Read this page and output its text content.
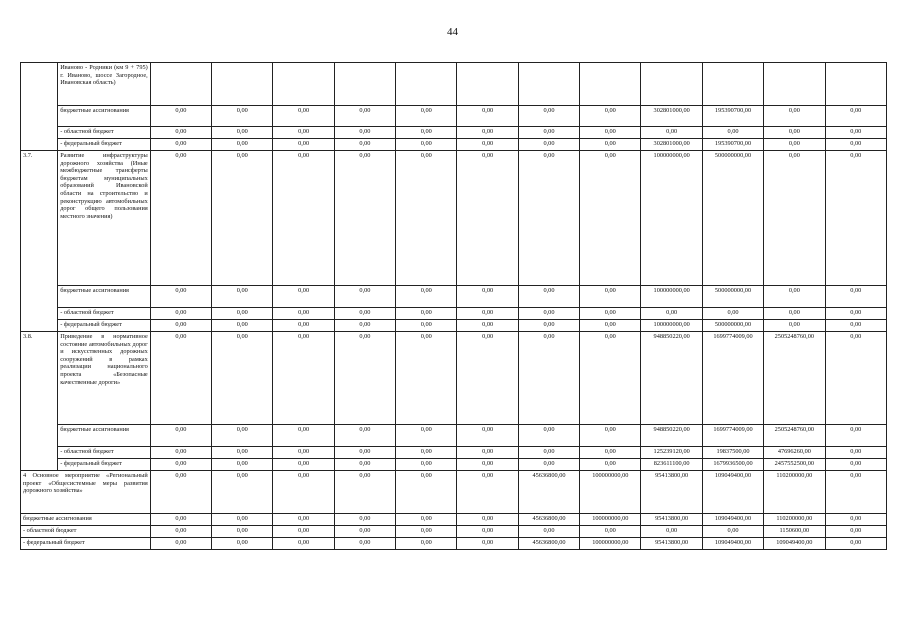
44
	Иваново - Родники (км 9 + 795) г. Иваново, шоссе Загородное, Ивановская область)												
	бюджетные ассигнования	0,00	0,00	0,00	0,00	0,00	0,00	0,00	0,00	302801000,00	195390700,00	0,00	0,00
	- областной бюджет	0,00	0,00	0,00	0,00	0,00	0,00	0,00	0,00	0,00	0,00	0,00	0,00
	- федеральный бюджет	0,00	0,00	0,00	0,00	0,00	0,00	0,00	0,00	302801000,00	195390700,00	0,00	0,00
3.7.	Развитие инфраструктуры дорожного хозяйства (Иные межбюджетные трансферты бюджетам муниципальных образований Ивановской области на строительство и реконструкцию автомобильных дорог общего пользования местного значения)	0,00	0,00	0,00	0,00	0,00	0,00	0,00	0,00	100000000,00	500000000,00	0,00	0,00
	бюджетные ассигнования	0,00	0,00	0,00	0,00	0,00	0,00	0,00	0,00	100000000,00	500000000,00	0,00	0,00
	- областной бюджет	0,00	0,00	0,00	0,00	0,00	0,00	0,00	0,00	0,00	0,00	0,00	0,00
	- федеральный бюджет	0,00	0,00	0,00	0,00	0,00	0,00	0,00	0,00	100000000,00	500000000,00	0,00	0,00
3.8.	Приведение в нормативное состояние автомобильных дорог и искусственных дорожных сооружений в рамках реализации национального проекта «Безопасные качественные дороги»	0,00	0,00	0,00	0,00	0,00	0,00	0,00	0,00	948850220,00	1699774009,00	2505248760,00	0,00
	бюджетные ассигнования	0,00	0,00	0,00	0,00	0,00	0,00	0,00	0,00	948850220,00	1699774009,00	2505248760,00	0,00
	- областной бюджет	0,00	0,00	0,00	0,00	0,00	0,00	0,00	0,00	125239120,00	19837500,00	47696260,00	0,00
	- федеральный бюджет	0,00	0,00	0,00	0,00	0,00	0,00	0,00	0,00	823611100,00	1679936500,00	2457552500,00	0,00
4 Основное мероприятие «Региональный проект «Общесистемные меры развития дорожного хозяйства»		0,00	0,00	0,00	0,00	0,00	0,00	45636800,00	100000000,00	95413800,00	109049400,00	110200000,00	0,00
бюджетные ассигнования		0,00	0,00	0,00	0,00	0,00	0,00	45636800,00	100000000,00	95413800,00	109049400,00	110200000,00	0,00
- областной бюджет		0,00	0,00	0,00	0,00	0,00	0,00	0,00	0,00	0,00	0,00	1150600,00	0,00
- федеральный бюджет		0,00	0,00	0,00	0,00	0,00	0,00	45636800,00	100000000,00	95413800,00	109049400,00	109049400,00	0,00
